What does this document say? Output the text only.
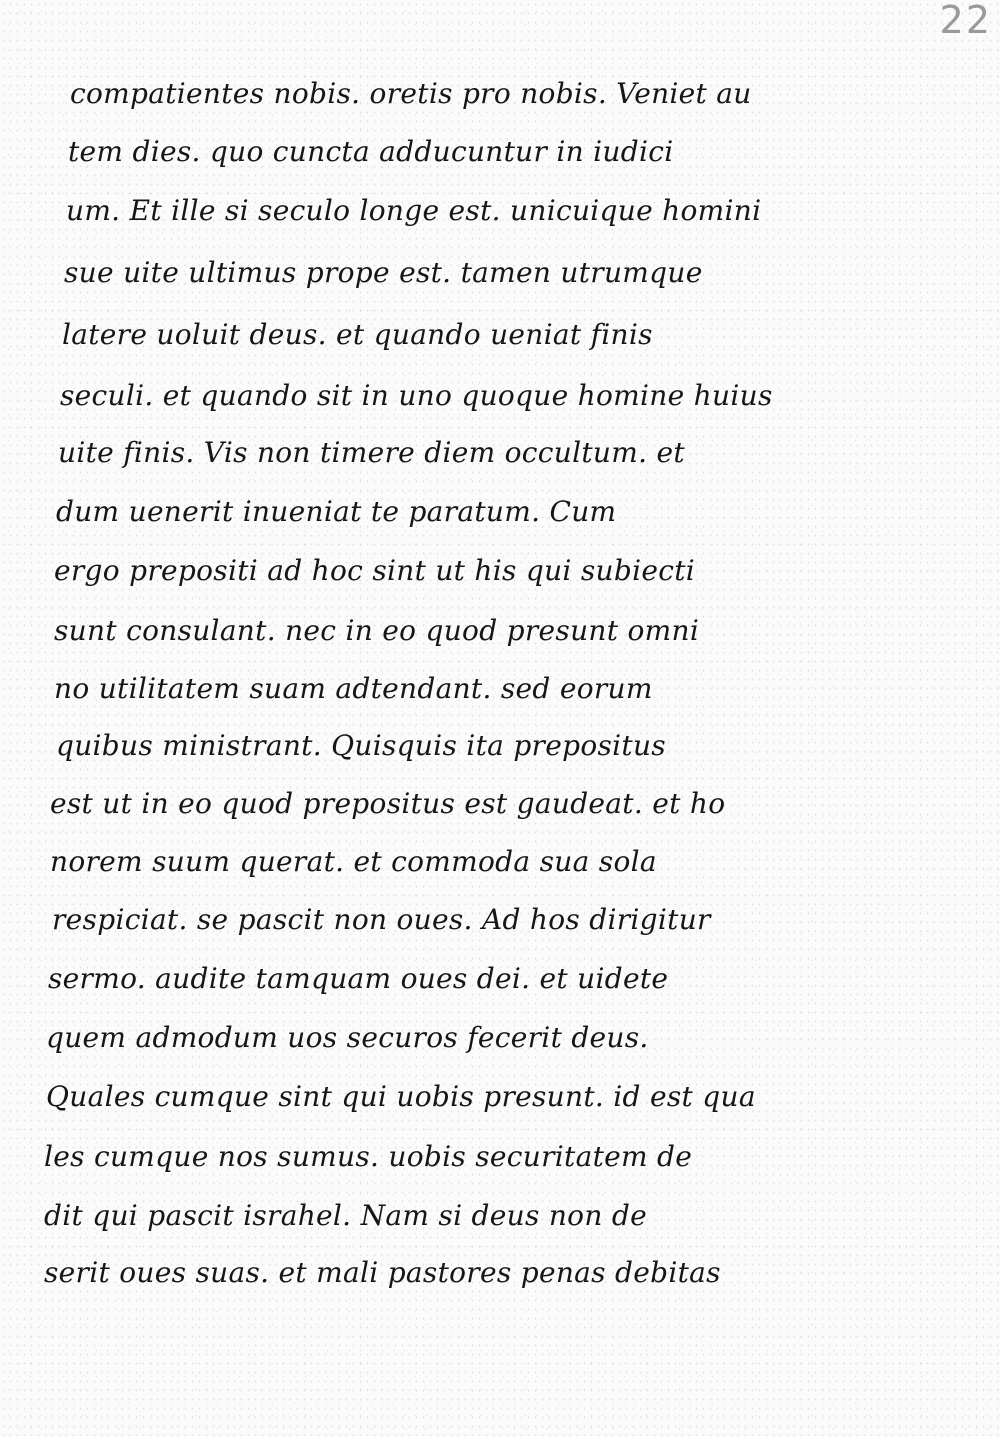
22
compatientes nobis. oretis pro nobis. Veniet au
tem dies. quo cuncta adducuntur in iudici
um. Et ille si seculo longe est. unicuique homini
sue uite ultimus prope est. tamen utrumque
latere uoluit deus. et quando ueniat finis
seculi. et quando sit in uno quoque homine huius
uite finis. Vis non timere diem occultum. et
dum uenerit inueniat te paratum. Cum
ergo prepositi ad hoc sint ut his qui subiecti
sunt consulant. nec in eo quod presunt omni
no utilitatem suam adtendant. sed eorum
quibus ministrant. Quisquis ita prepositus
est ut in eo quod prepositus est gaudeat. et ho
norem suum querat. et commoda sua sola
respiciat. se pascit non oues. Ad hos dirigitur
sermo. audite tamquam oues dei. et uidete
quem admodum uos securos fecerit deus.
Quales cumque sint qui uobis presunt. id est qua
les cumque nos sumus. uobis securitatem de
dit qui pascit israhel. Nam si deus non de
serit oues suas. et mali pastores penas debitas
